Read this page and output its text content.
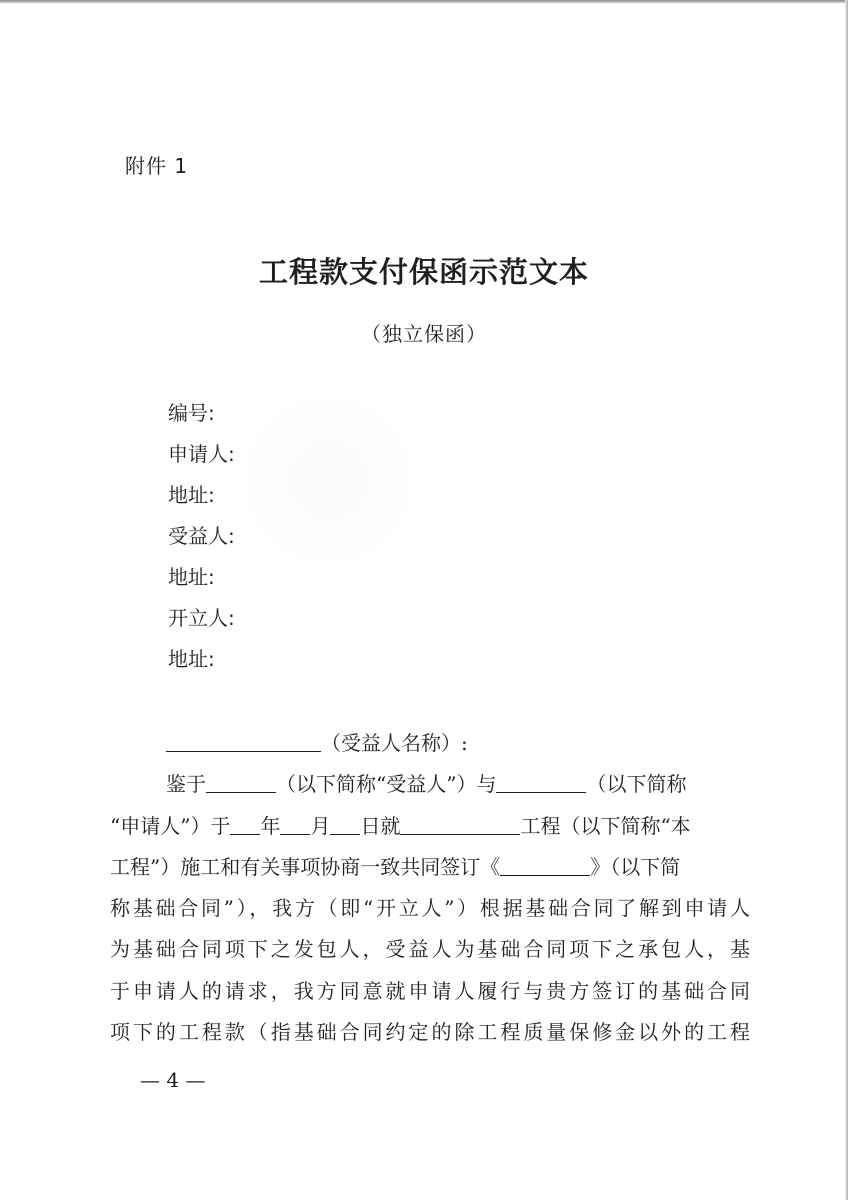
附件 1
工程款支付保函示范文本
（独立保函）
编号:
申请人:
地址:
受益人:
地址:
开立人:
地址:
（受益人名称）:
鉴于	（以下简称“受益人”）与	（以下简称
“申请人”）于 年 月 日就	工程（以下简称“本
工程”）施工和有关事项协商一致共同签订《	》（以下简
称基础合同”），我方（即“开立人”）根据基础合同了解到申请人
为基础合同项下之发包人，受益人为基础合同项下之承包人，基
于申请人的请求，我方同意就申请人履行与贵方签订的基础合同
项下的工程款（指基础合同约定的除工程质量保修金以外的工程
— 4 —
